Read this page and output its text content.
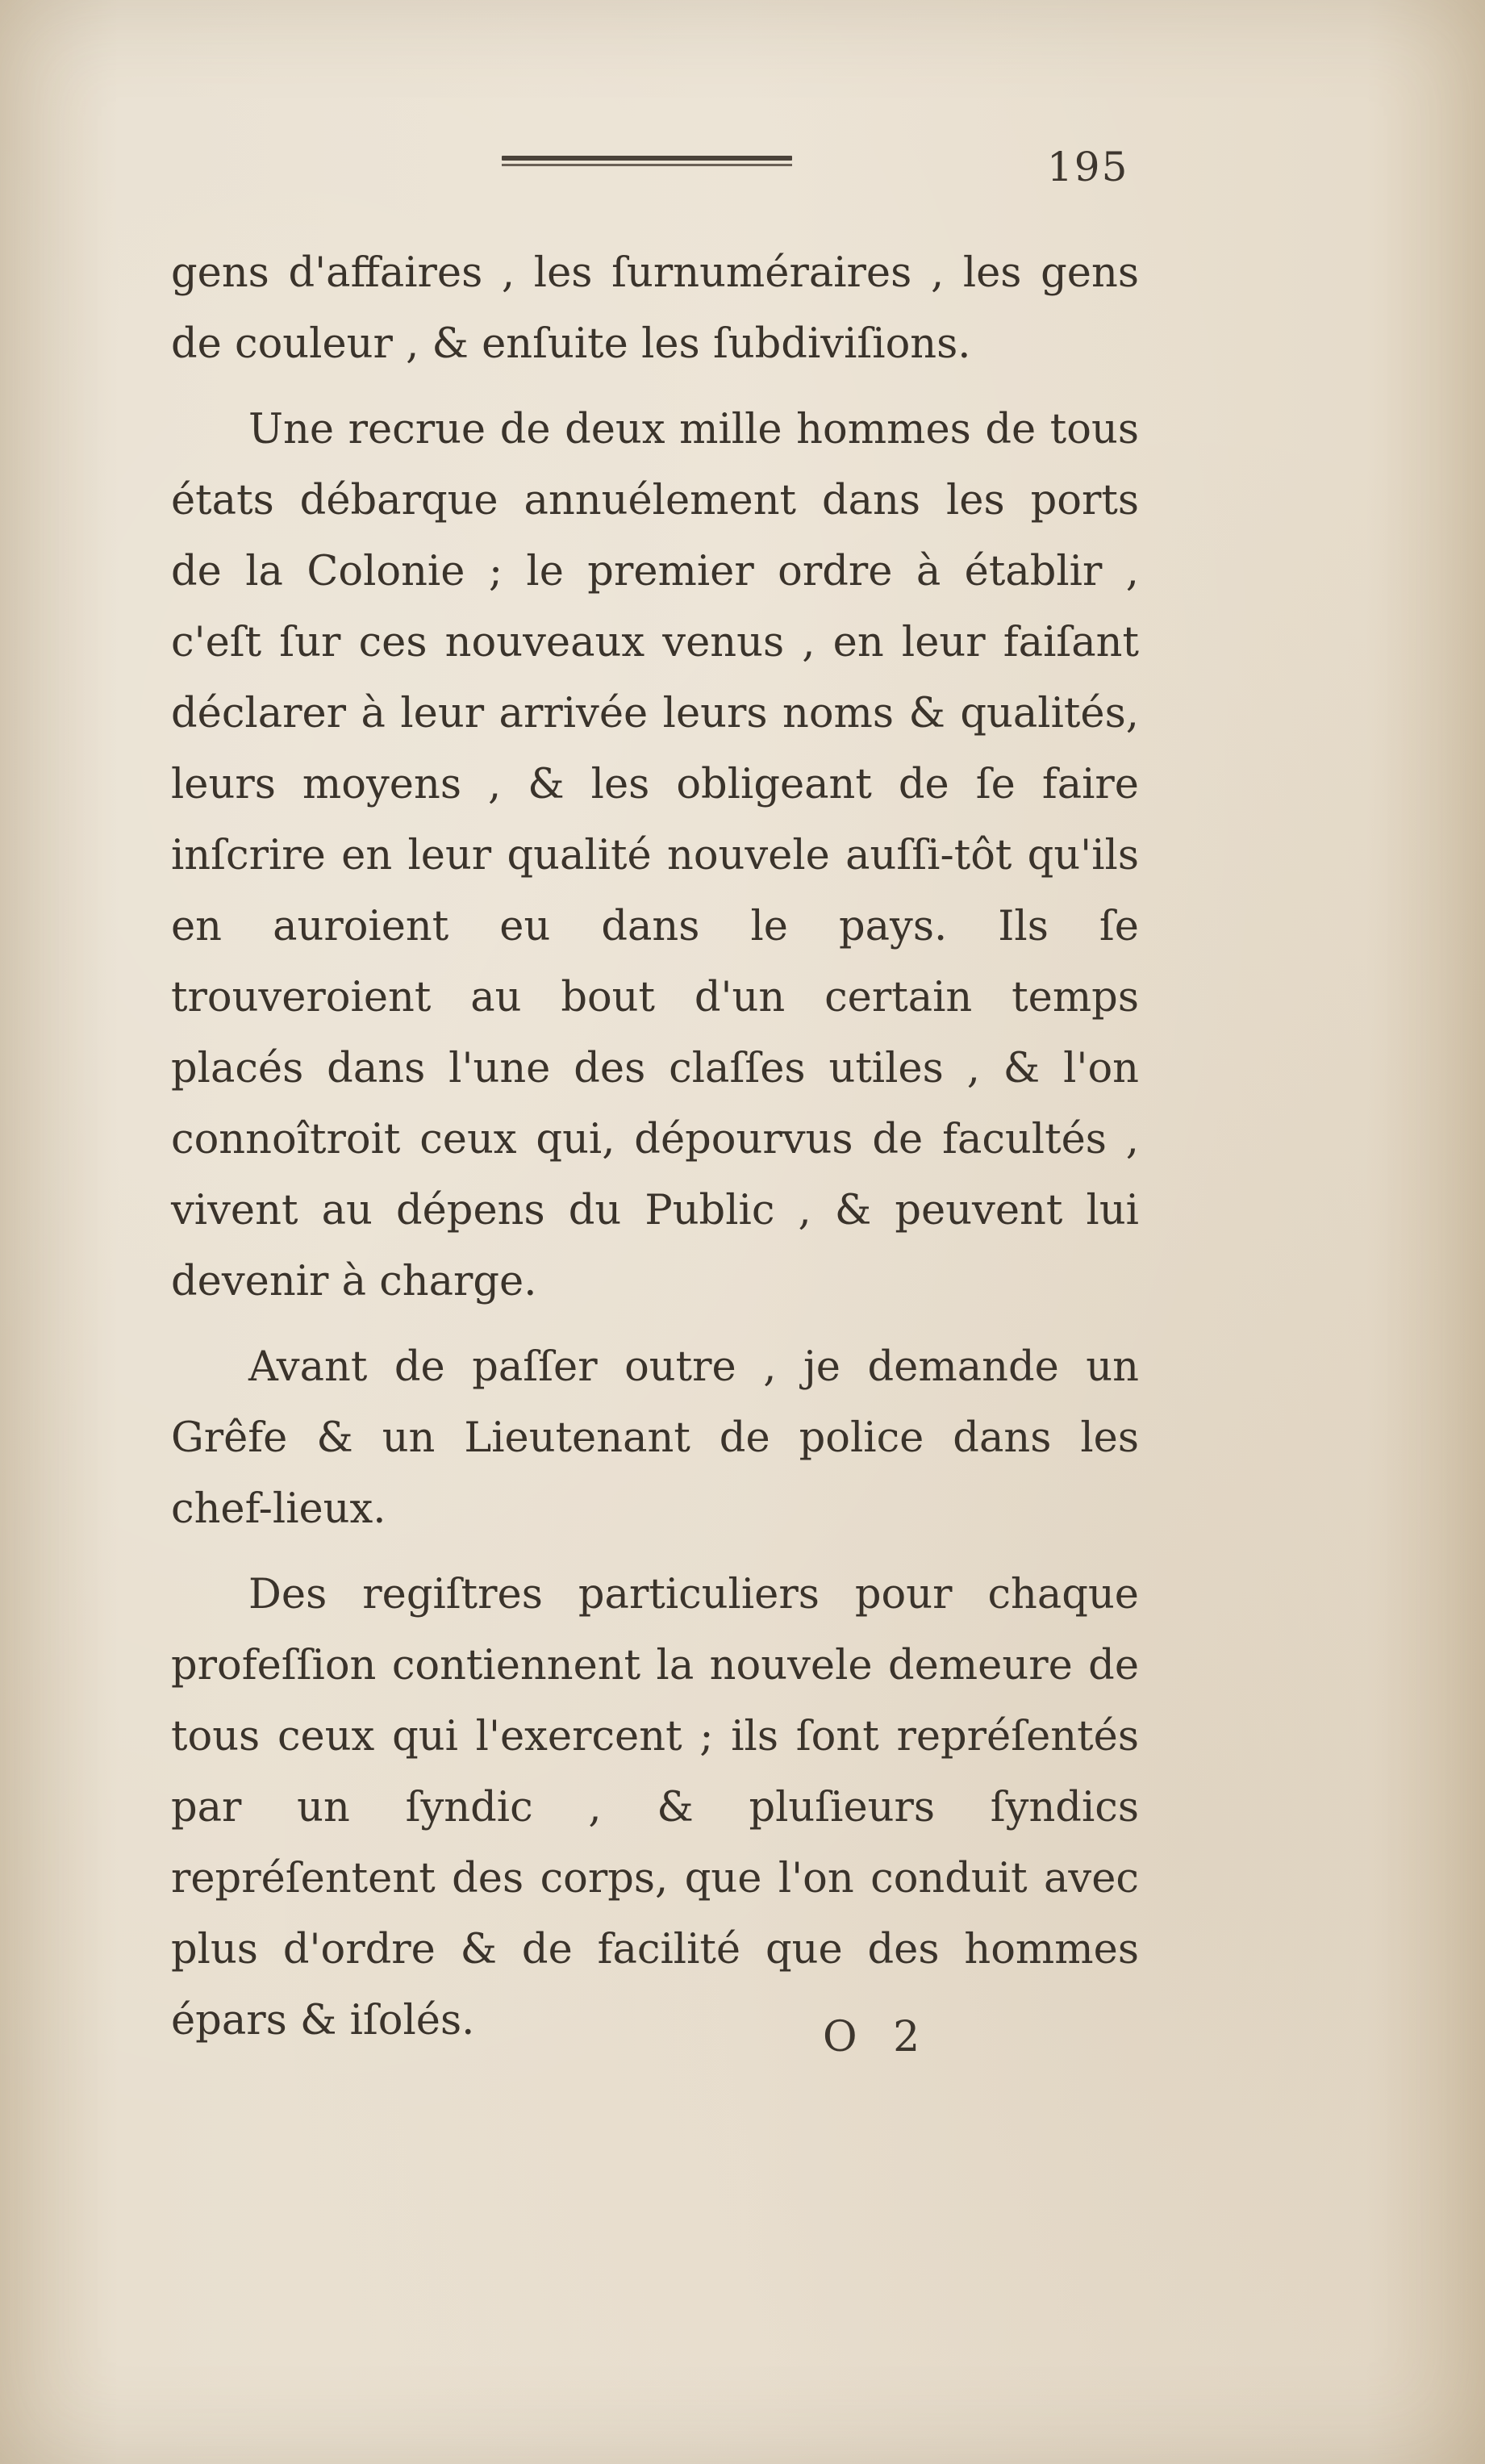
195

gens d'affaires , les ſurnuméraires , les gens de couleur , & enſuite les ſubdiviſions.

Une recrue de deux mille hommes de tous états débarque annuélement dans les ports de la Colonie ; le premier ordre à établir , c'eſt ſur ces nouveaux venus , en leur faiſant déclarer à leur arrivée leurs noms & qualités, leurs moyens , & les obligeant de ſe faire inſcrire en leur qualité nouvele auſſi-tôt qu'ils en auroient eu dans le pays. Ils ſe trouveroient au bout d'un certain temps placés dans l'une des claſſes utiles , & l'on connoîtroit ceux qui, dépourvus de facultés , vivent au dépens du Public , & peuvent lui devenir à charge.

Avant de paſſer outre , je demande un Grêfe & un Lieutenant de police dans les chef-lieux.

Des regiſtres particuliers pour chaque profeſſion contiennent la nouvele demeure de tous ceux qui l'exercent ; ils ſont repréſentés par un ſyndic , & pluſieurs ſyndics repréſentent des corps, que l'on conduit avec plus d'ordre & de facilité que des hommes épars & iſolés.	O 2
